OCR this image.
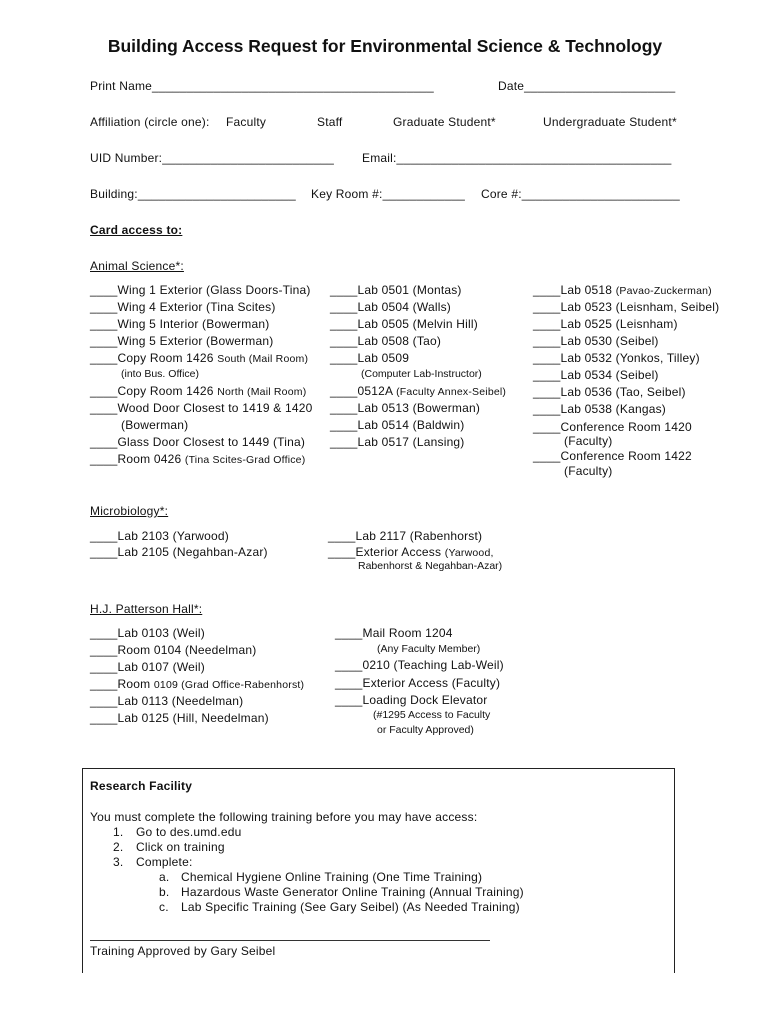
Building Access Request for Environmental Science & Technology
Print Name_________________________________________	Date______________________
Affiliation (circle one): Faculty	Staff	Graduate Student*	Undergraduate Student*
UID Number:_________________________ Email:________________________________________
Building:_______________________ Key Room #:____________ Core #:_______________________
Card access to:
Animal Science*:
____Wing 1 Exterior (Glass Doors-Tina)
____Wing 4 Exterior (Tina Scites)
____Wing 5 Interior (Bowerman)
____Wing 5 Exterior (Bowerman)
____Copy Room 1426 South (Mail Room)
(into Bus. Office)
____Copy Room 1426 North (Mail Room)
____Wood Door Closest to 1419 & 1420
(Bowerman)
____Glass Door Closest to 1449 (Tina)
____Room 0426 (Tina Scites-Grad Office)
____Lab 0501 (Montas)
____Lab 0504 (Walls)
____Lab 0505 (Melvin Hill)
____Lab 0508 (Tao)
____Lab 0509
(Computer Lab-Instructor)
____0512A (Faculty Annex-Seibel)
____Lab 0513 (Bowerman)
____Lab 0514 (Baldwin)
____Lab 0517 (Lansing)
____Lab 0518 (Pavao-Zuckerman)
____Lab 0523 (Leisnham, Seibel)
____Lab 0525 (Leisnham)
____Lab 0530 (Seibel)
____Lab 0532 (Yonkos, Tilley)
____Lab 0534 (Seibel)
____Lab 0536 (Tao, Seibel)
____Lab 0538 (Kangas)
____Conference Room 1420
(Faculty)
____Conference Room 1422
(Faculty)
Microbiology*:
____Lab 2103 (Yarwood)
____Lab 2105 (Negahban-Azar)
____Lab 2117 (Rabenhorst)
____Exterior Access (Yarwood,
Rabenhorst & Negahban-Azar)
H.J. Patterson Hall*:
____Lab 0103 (Weil)
____Room 0104 (Needelman)
____Lab 0107 (Weil)
____Room 0109 (Grad Office-Rabenhorst)
____Lab 0113 (Needelman)
____Lab 0125 (Hill, Needelman)
____Mail Room 1204
(Any Faculty Member)
____0210 (Teaching Lab-Weil)
____Exterior Access (Faculty)
____Loading Dock Elevator
(#1295 Access to Faculty
or Faculty Approved)
Research Facility
You must complete the following training before you may have access:
1. Go to des.umd.edu
2. Click on training
3. Complete:
a. Chemical Hygiene Online Training (One Time Training)
b. Hazardous Waste Generator Online Training (Annual Training)
c. Lab Specific Training (See Gary Seibel) (As Needed Training)
Training Approved by Gary Seibel
